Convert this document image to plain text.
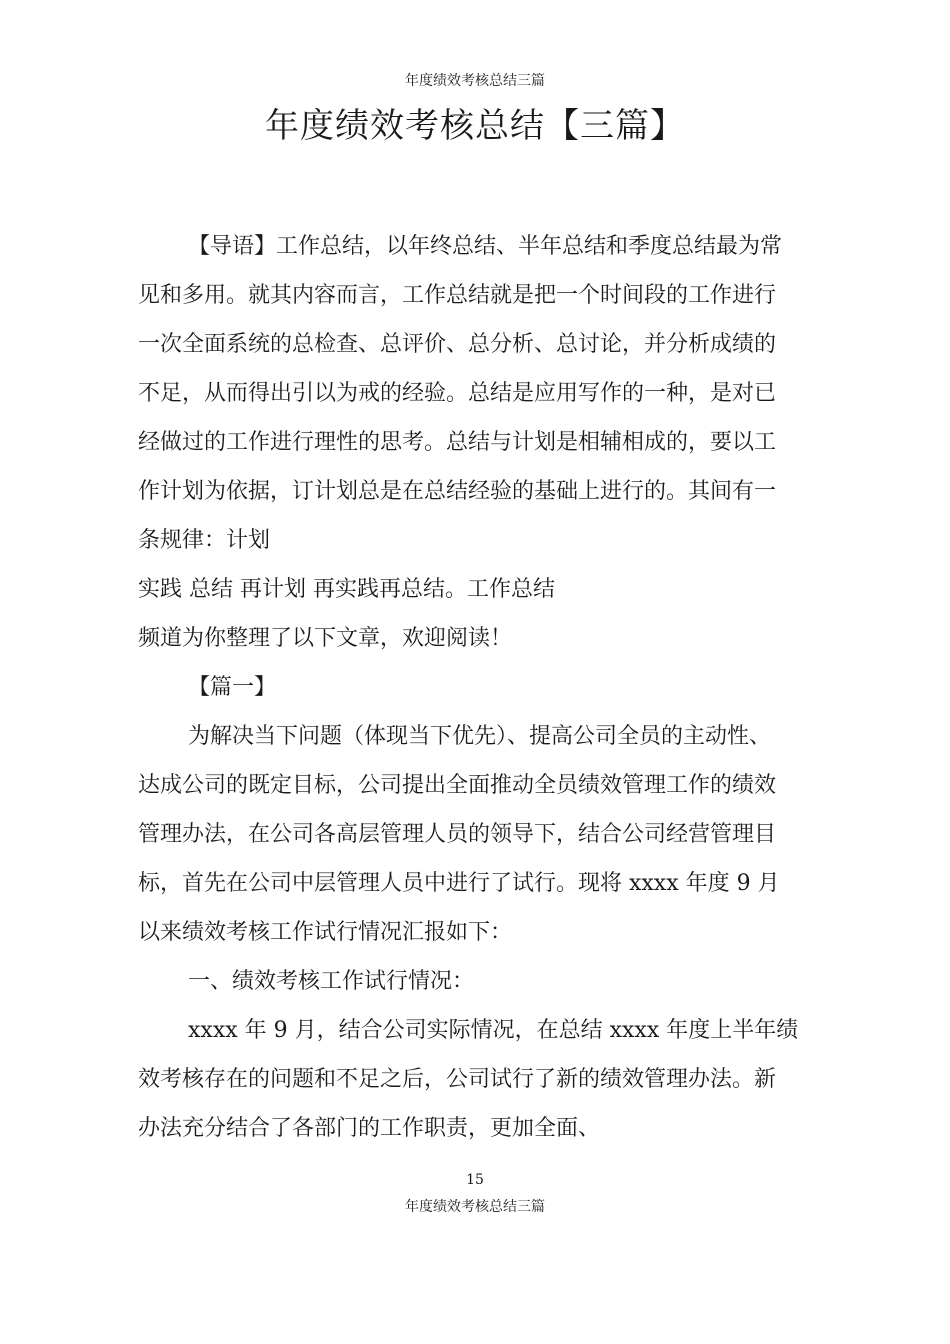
年度绩效考核总结三篇
年度绩效考核总结【三篇】

【导语】工作总结，以年终总结、半年总结和季度总结最为常

见和多用。就其内容而言，工作总结就是把一个时间段的工作进行

一次全面系统的总检查、总评价、总分析、总讨论，并分析成绩的

不足，从而得出引以为戒的经验。总结是应用写作的一种，是对已

经做过的工作进行理性的思考。总结与计划是相辅相成的，要以工

作计划为依据，订计划总是在总结经验的基础上进行的。其间有一

条规律：计划

实践 总结 再计划 再实践再总结。工作总结

频道为你整理了以下文章，欢迎阅读！

【篇一】

为解决当下问题（体现当下优先）、提高公司全员的主动性、

达成公司的既定目标，公司提出全面推动全员绩效管理工作的绩效

管理办法，在公司各高层管理人员的领导下，结合公司经营管理目

标，首先在公司中层管理人员中进行了试行。现将 xxxx 年度 9 月

以来绩效考核工作试行情况汇报如下：

一、绩效考核工作试行情况：

xxxx 年 9 月，结合公司实际情况，在总结 xxxx 年度上半年绩

效考核存在的问题和不足之后，公司试行了新的绩效管理办法。新

办法充分结合了各部门的工作职责，更加全面、

15
年度绩效考核总结三篇
